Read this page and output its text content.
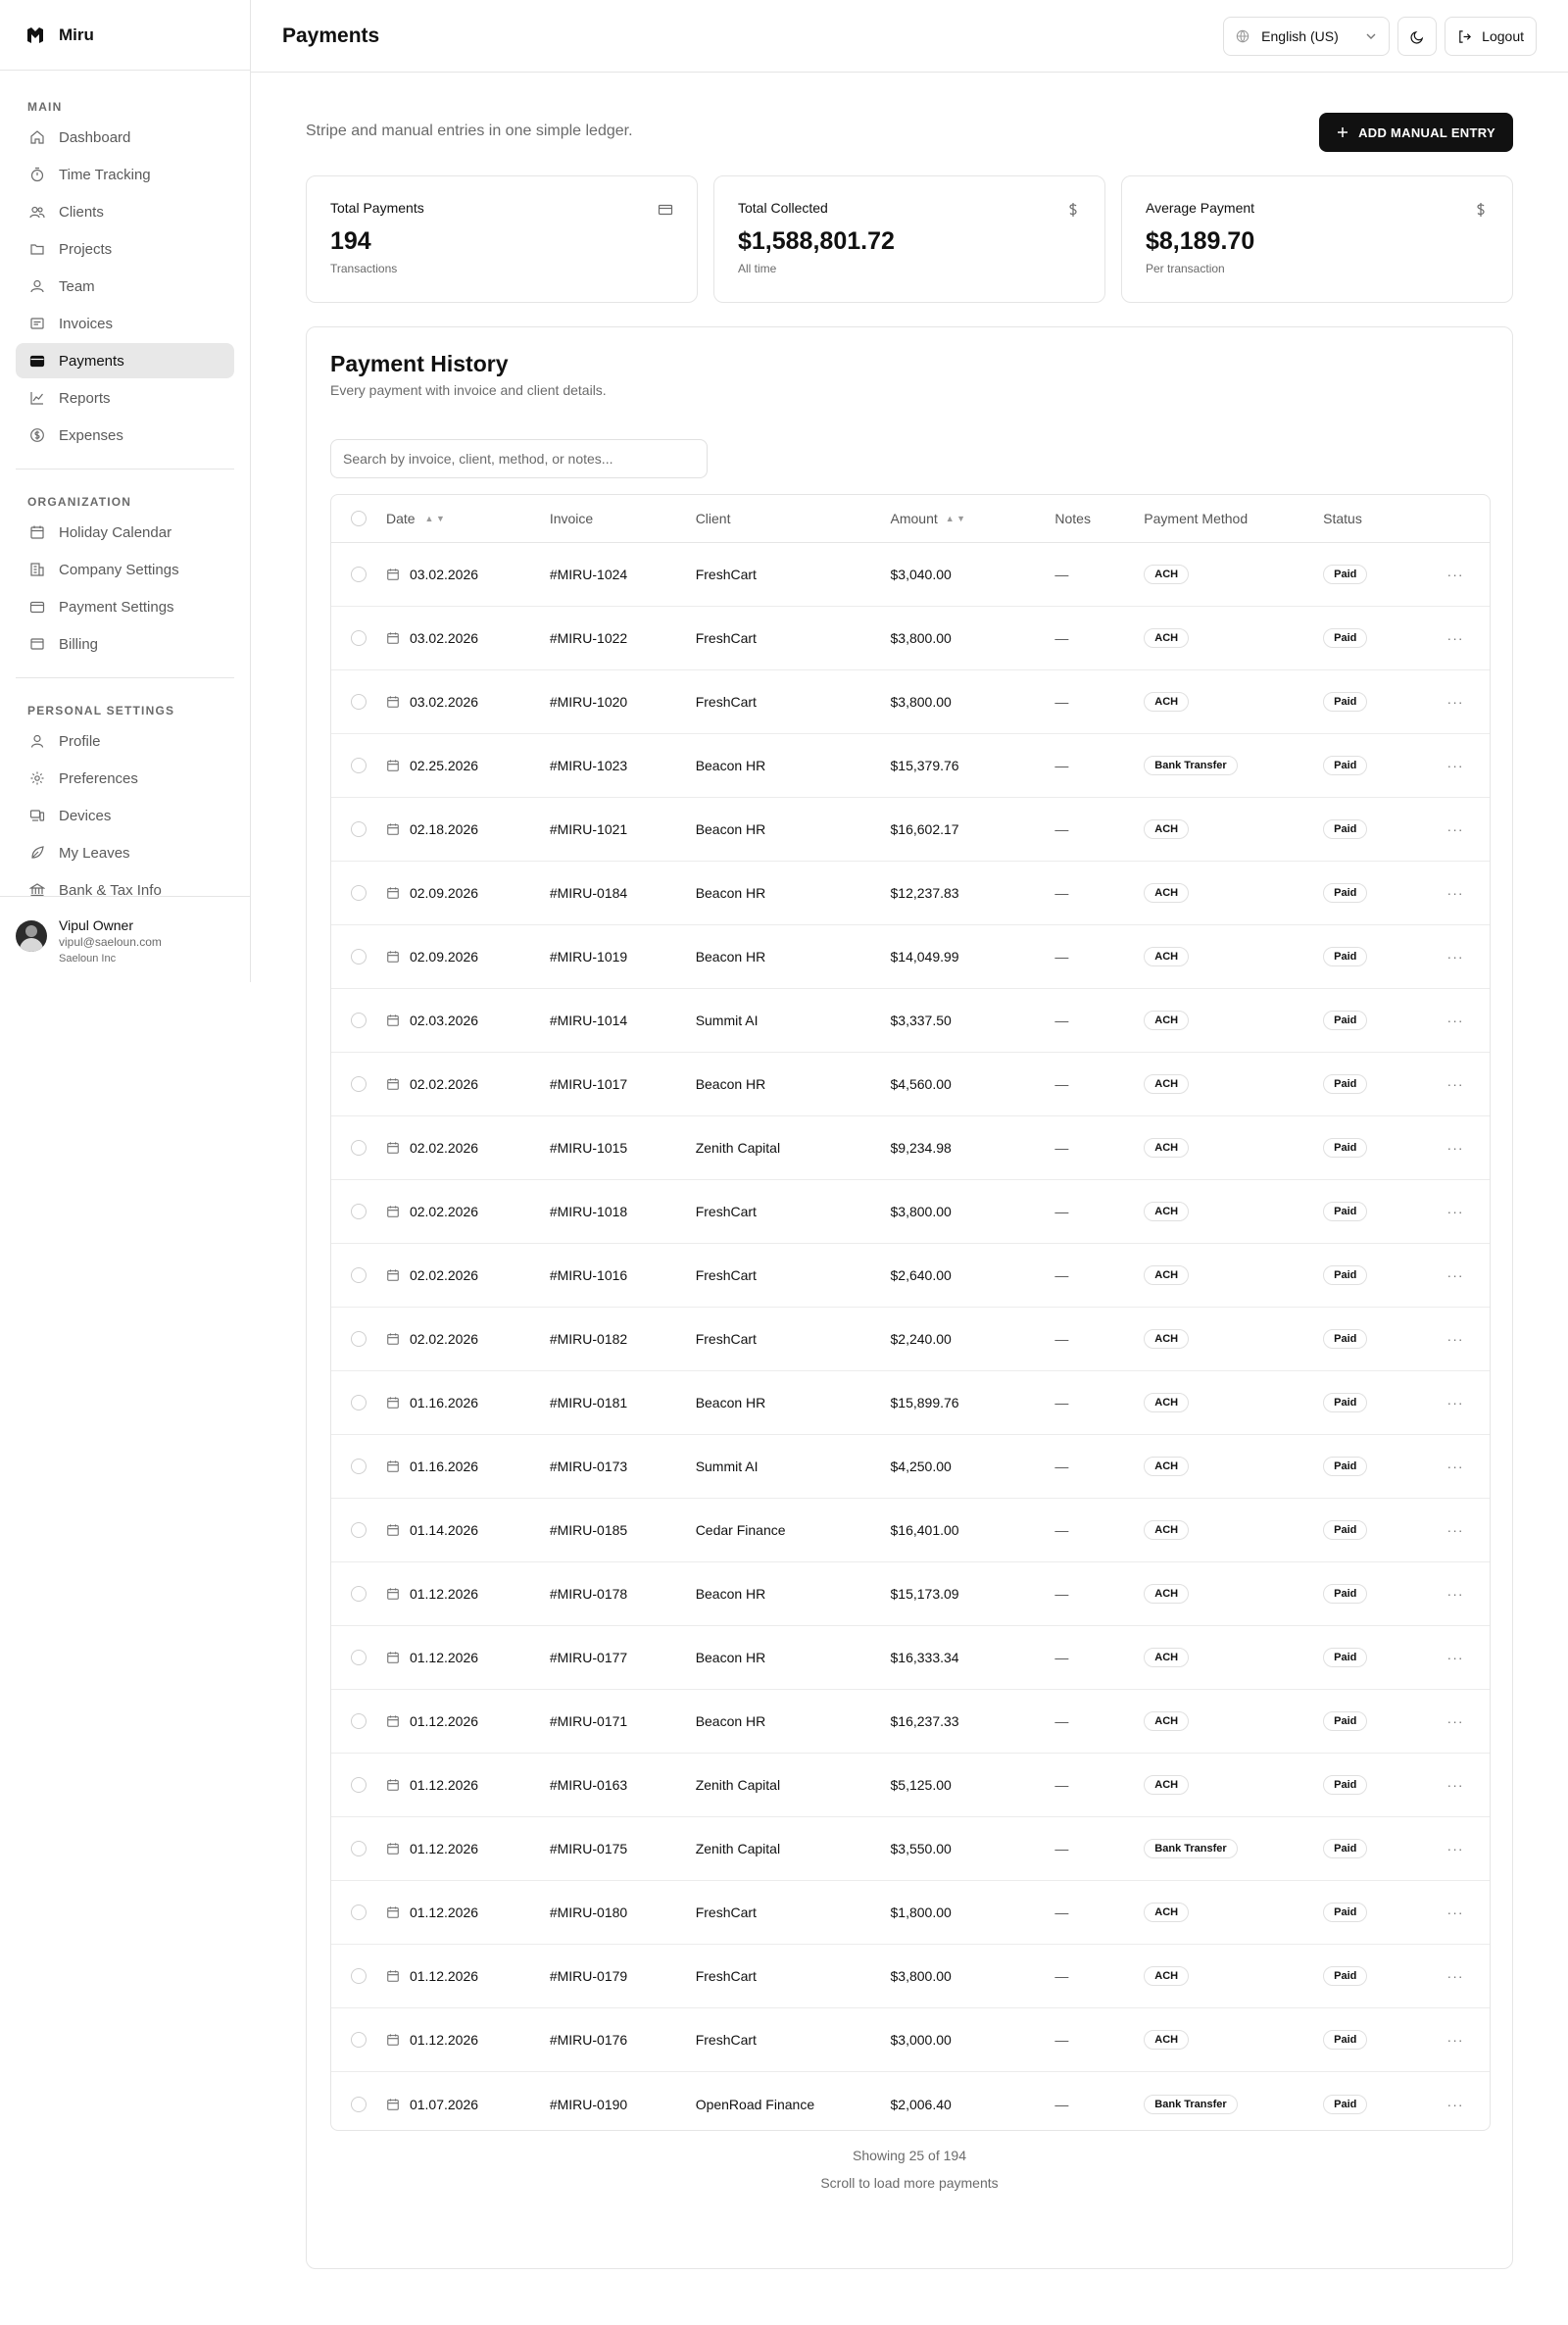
Miru
MAIN
Dashboard
Time Tracking
Clients
Projects
Team
Invoices
Payments
Reports
Expenses
ORGANIZATION
Holiday Calendar
Company Settings
Payment Settings
Billing
PERSONAL SETTINGS
Profile
Preferences
Devices
My Leaves
Bank & Tax Info
Vipul Owner
vipul@saeloun.com
Saeloun Inc
Payments	English (US)	Logout

Stripe and manual entries in one simple ledger.	ADD MANUAL ENTRY
Total Payments
194
Transactions
Total Collected
$1,588,801.72
All time
Average Payment
$8,189.70
Per transaction
Payment History

Every payment with invoice and client details.

Search by invoice, client, method, or notes...
Date ▲ ▼	Invoice	Client	Amount ▲ ▼	Notes	Payment Method	Status
03.02.2026	#MIRU-1024	FreshCart	$3,040.00	—	ACH	Paid	···
03.02.2026	#MIRU-1022	FreshCart	$3,800.00	—	ACH	Paid	···
03.02.2026	#MIRU-1020	FreshCart	$3,800.00	—	ACH	Paid	···
02.25.2026	#MIRU-1023	Beacon HR	$15,379.76	—	Bank Transfer	Paid	···
02.18.2026	#MIRU-1021	Beacon HR	$16,602.17	—	ACH	Paid	···
02.09.2026	#MIRU-0184	Beacon HR	$12,237.83	—	ACH	Paid	···
02.09.2026	#MIRU-1019	Beacon HR	$14,049.99	—	ACH	Paid	···
02.03.2026	#MIRU-1014	Summit AI	$3,337.50	—	ACH	Paid	···
02.02.2026	#MIRU-1017	Beacon HR	$4,560.00	—	ACH	Paid	···
02.02.2026	#MIRU-1015	Zenith Capital	$9,234.98	—	ACH	Paid	···
02.02.2026	#MIRU-1018	FreshCart	$3,800.00	—	ACH	Paid	···
02.02.2026	#MIRU-1016	FreshCart	$2,640.00	—	ACH	Paid	···
02.02.2026	#MIRU-0182	FreshCart	$2,240.00	—	ACH	Paid	···
01.16.2026	#MIRU-0181	Beacon HR	$15,899.76	—	ACH	Paid	···
01.16.2026	#MIRU-0173	Summit AI	$4,250.00	—	ACH	Paid	···
01.14.2026	#MIRU-0185	Cedar Finance	$16,401.00	—	ACH	Paid	···
01.12.2026	#MIRU-0178	Beacon HR	$15,173.09	—	ACH	Paid	···
01.12.2026	#MIRU-0177	Beacon HR	$16,333.34	—	ACH	Paid	···
01.12.2026	#MIRU-0171	Beacon HR	$16,237.33	—	ACH	Paid	···
01.12.2026	#MIRU-0163	Zenith Capital	$5,125.00	—	ACH	Paid	···
01.12.2026	#MIRU-0175	Zenith Capital	$3,550.00	—	Bank Transfer	Paid	···
01.12.2026	#MIRU-0180	FreshCart	$1,800.00	—	ACH	Paid	···
01.12.2026	#MIRU-0179	FreshCart	$3,800.00	—	ACH	Paid	···
01.12.2026	#MIRU-0176	FreshCart	$3,000.00	—	ACH	Paid	···
01.07.2026	#MIRU-0190	OpenRoad Finance	$2,006.40	—	Bank Transfer	Paid	···
Showing 25 of 194
Scroll to load more payments
